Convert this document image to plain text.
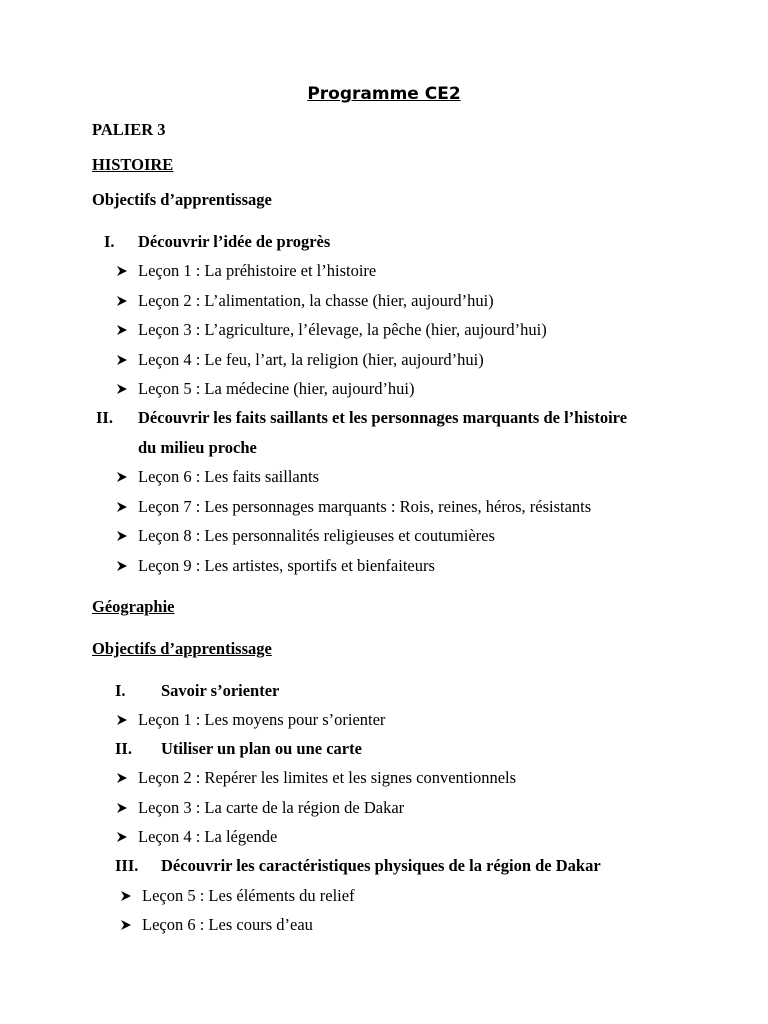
Programme CE2
PALIER 3
HISTOIRE
Objectifs d’apprentissage
I. Découvrir l’idée de progrès
Leçon 1 : La préhistoire et l’histoire
Leçon 2 : L’alimentation, la chasse (hier, aujourd’hui)
Leçon 3 : L’agriculture, l’élevage, la pêche (hier, aujourd’hui)
Leçon 4 : Le feu, l’art, la religion (hier, aujourd’hui)
Leçon 5 : La médecine (hier, aujourd’hui)
II. Découvrir les faits saillants et les personnages marquants de l’histoire
du milieu proche
Leçon 6 : Les faits saillants
Leçon 7 : Les personnages marquants : Rois, reines, héros, résistants
Leçon 8 : Les personnalités religieuses et coutumières
Leçon 9 : Les artistes, sportifs et bienfaiteurs
Géographie
Objectifs d’apprentissage
I. Savoir s’orienter
Leçon 1 : Les moyens pour s’orienter
II. Utiliser un plan ou une carte
Leçon 2 : Repérer les limites et les signes conventionnels
Leçon 3 : La carte de la région de Dakar
Leçon 4 : La légende
III. Découvrir les caractéristiques physiques de la région de Dakar
Leçon 5 : Les éléments du relief
Leçon 6 : Les cours d’eau
